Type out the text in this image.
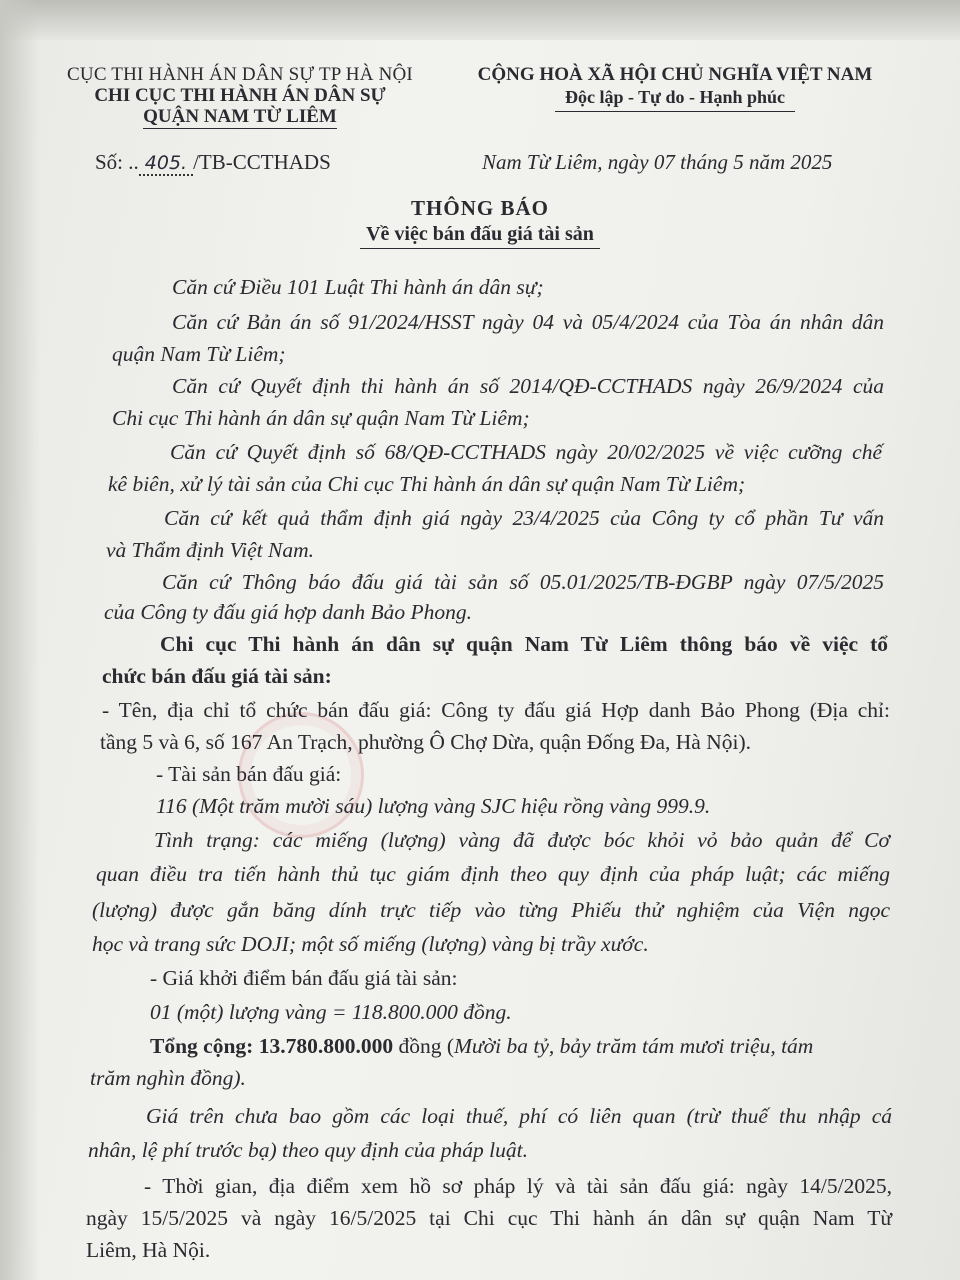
CỤC THI HÀNH ÁN DÂN SỰ TP HÀ NỘI
CHI CỤC THI HÀNH ÁN DÂN SỰ
QUẬN NAM TỪ LIÊM
CỘNG HOÀ XÃ HỘI CHỦ NGHĨA VIỆT NAM
Độc lập - Tự do - Hạnh phúc
Số: .. 405. /TB-CCTHADS	Nam Từ Liêm, ngày 07 tháng 5 năm 2025
THÔNG BÁO
Về việc bán đấu giá tài sản
Căn cứ Điều 101 Luật Thi hành án dân sự;
Căn cứ Bản án số 91/2024/HSST ngày 04 và 05/4/2024 của Tòa án nhân dân
quận Nam Từ Liêm;
Căn cứ Quyết định thi hành án số 2014/QĐ-CCTHADS ngày 26/9/2024 của
Chi cục Thi hành án dân sự quận Nam Từ Liêm;
Căn cứ Quyết định số 68/QĐ-CCTHADS ngày 20/02/2025 về việc cưỡng chế
kê biên, xử lý tài sản của Chi cục Thi hành án dân sự quận Nam Từ Liêm;
Căn cứ kết quả thẩm định giá ngày 23/4/2025 của Công ty cổ phần Tư vấn
và Thẩm định Việt Nam.
Căn cứ Thông báo đấu giá tài sản số 05.01/2025/TB-ĐGBP ngày 07/5/2025
của Công ty đấu giá hợp danh Bảo Phong.
Chi cục Thi hành án dân sự quận Nam Từ Liêm thông báo về việc tổ
chức bán đấu giá tài sản:
- Tên, địa chỉ tổ chức bán đấu giá: Công ty đấu giá Hợp danh Bảo Phong (Địa chỉ:
tầng 5 và 6, số 167 An Trạch, phường Ô Chợ Dừa, quận Đống Đa, Hà Nội).
- Tài sản bán đấu giá:
116 (Một trăm mười sáu) lượng vàng SJC hiệu rồng vàng 999.9.
Tình trạng: các miếng (lượng) vàng đã được bóc khỏi vỏ bảo quản để Cơ
quan điều tra tiến hành thủ tục giám định theo quy định của pháp luật; các miếng
(lượng) được gắn băng dính trực tiếp vào từng Phiếu thử nghiệm của Viện ngọc
học và trang sức DOJI; một số miếng (lượng) vàng bị trầy xước.
- Giá khởi điểm bán đấu giá tài sản:
01 (một) lượng vàng = 118.800.000 đồng.
Tổng cộng: 13.780.800.000 đồng (Mười ba tỷ, bảy trăm tám mươi triệu, tám
trăm nghìn đồng).
Giá trên chưa bao gồm các loại thuế, phí có liên quan (trừ thuế thu nhập cá
nhân, lệ phí trước bạ) theo quy định của pháp luật.
- Thời gian, địa điểm xem hồ sơ pháp lý và tài sản đấu giá: ngày 14/5/2025,
ngày 15/5/2025 và ngày 16/5/2025 tại Chi cục Thi hành án dân sự quận Nam Từ
Liêm, Hà Nội.
